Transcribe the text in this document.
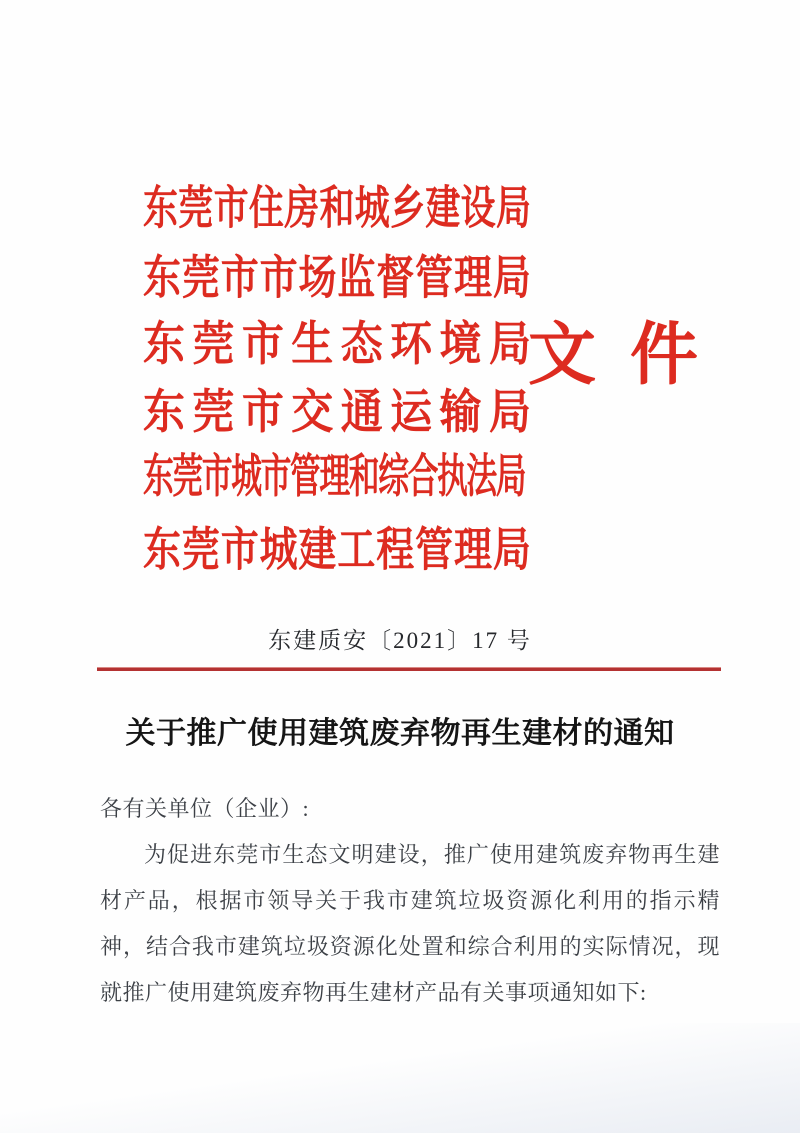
东 莞 市 住 房 和 城 乡 建 设 局
东 莞 市 市 场 监 督 管 理 局
东 莞 市 生 态 环 境 局
东 莞 市 交 通 运 输 局
东莞市城市管理和综合执法局
东 莞 市 城 建 工 程 管 理 局
文件
东建质安〔2021〕17 号
关于推广使用建筑废弃物再生建材的通知

各有关单位（企业）:

为促进东莞市生态文明建设，推广使用建筑废弃物再生建材产品，根据市领导关于我市建筑垃圾资源化利用的指示精神，结合我市建筑垃圾资源化处置和综合利用的实际情况，现就推广使用建筑废弃物再生建材产品有关事项通知如下:
